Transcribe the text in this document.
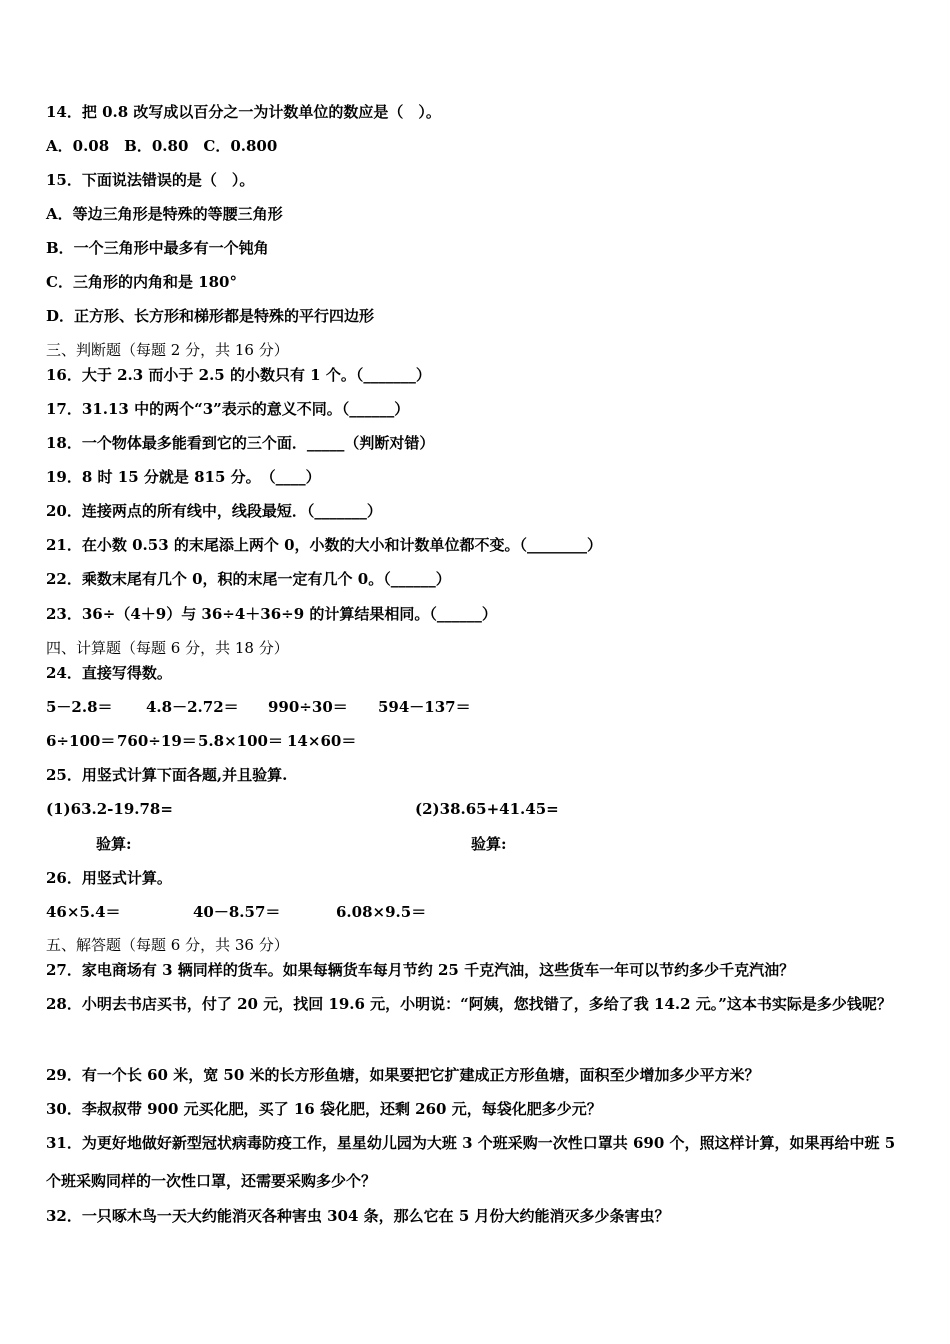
14．把 0.8 改写成以百分之一为计数单位的数应是（　）。
A．0.08　B．0.80　C．0.800
15．下面说法错误的是（　）。
A．等边三角形是特殊的等腰三角形
B．一个三角形中最多有一个钝角
C．三角形的内角和是 180°
D．正方形、长方形和梯形都是特殊的平行四边形
三、判断题（每题 2 分，共 16 分）
16．大于 2.3 而小于 2.5 的小数只有 1 个。（_______）
17．31.13 中的两个“3”表示的意义不同。（______）
18．一个物体最多能看到它的三个面．_____（判断对错）
19．8 时 15 分就是 815 分。　（____）
20．连接两点的所有线中，线段最短．（_______）
21．在小数 0.53 的末尾添上两个 0，小数的大小和计数单位都不变。（________）
22．乘数末尾有几个 0，积的末尾一定有几个 0。（______）
23．36÷（4＋9）与 36÷4＋36÷9 的计算结果相同。（______）
四、计算题（每题 6 分，共 18 分）
24．直接写得数。
5－2.8＝ 4.8－2.72＝ 990÷30＝ 594－137＝
6÷100＝ 760÷19＝5.8×100＝ 14×60＝
25．用竖式计算下面各题,并且验算.
(1)63.2-19.78=	(2)38.65+41.45=
验算:	验算:
26．用竖式计算。
46×5.4＝	40－8.57＝	6.08×9.5＝
五、解答题（每题 6 分，共 36 分）
27．家电商场有 3 辆同样的货车。如果每辆货车每月节约 25 千克汽油，这些货车一年可以节约多少千克汽油？
28．小明去书店买书，付了 20 元，找回 19.6 元，小明说：“阿姨，您找错了，多给了我 14.2 元。”这本书实际是多少钱呢？
29．有一个长 60 米，宽 50 米的长方形鱼塘，如果要把它扩建成正方形鱼塘，面积至少增加多少平方米？
30．李叔叔带 900 元买化肥，买了 16 袋化肥，还剩 260 元，每袋化肥多少元？
31．为更好地做好新型冠状病毒防疫工作，星星幼儿园为大班 3 个班采购一次性口罩共 690 个，照这样计算，如果再给中班 5 个班采购同样的一次性口罩，还需要采购多少个？
32．一只啄木鸟一天大约能消灭各种害虫 304 条，那么它在 5 月份大约能消灭多少条害虫？
